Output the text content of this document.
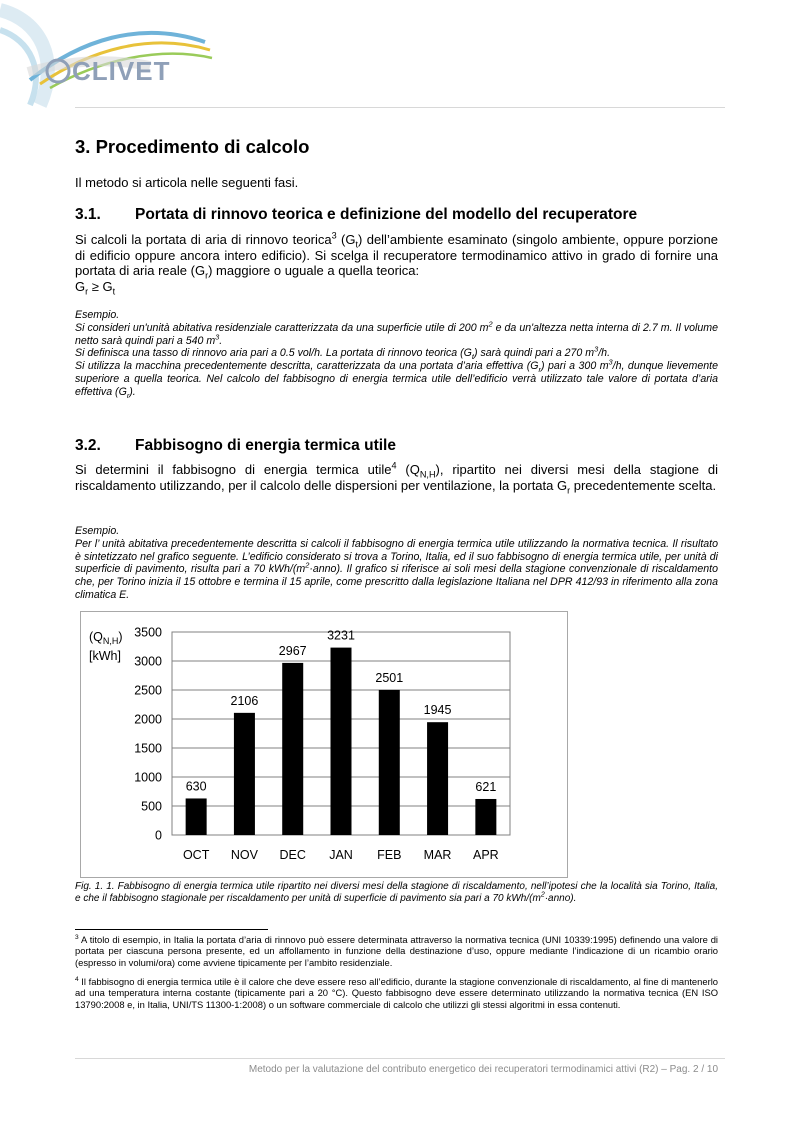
CLIVET
3. Procedimento di calcolo
Il metodo si articola nelle seguenti fasi.
3.1. Portata di rinnovo teorica e definizione del modello del recuperatore
Si calcoli la portata di aria di rinnovo teorica$^3$ $(G_t)$ dell’ambiente esaminato (singolo ambiente, oppure porzione di edificio oppure ancora intero edificio). Si scelga il recuperatore termodinamico attivo in grado di fornire una portata di aria reale $(G_r)$ maggiore o uguale a quella teorica:
$G_r \ge G_t$
Esempio.
Si consideri un'unità abitativa residenziale caratterizzata da una superficie utile di 200 $m^2$ e da un'altezza netta interna di 2.7 m. Il volume netto sarà quindi pari a 540 $m^3$.
Si definisca una tasso di rinnovo aria pari a 0.5 vol/h. La portata di rinnovo teorica $(G_t)$ sarà quindi pari a 270 $m^3/h$.
Si utilizza la macchina precedentemente descritta, caratterizzata da una portata d’aria effettiva $(G_r)$ pari a 300 $m^3/h$, dunque lievemente superiore a quella teorica. Nel calcolo del fabbisogno di energia termica utile dell’edificio verrà utilizzato tale valore di portata d’aria effettiva $(G_r)$.
3.2. Fabbisogno di energia termica utile
Si determini il fabbisogno di energia termica utile$^4$ $(Q_{N,H})$, ripartito nei diversi mesi della stagione di riscaldamento utilizzando, per il calcolo delle dispersioni per ventilazione, la portata $G_r$ precedentemente scelta.
Esempio.
Per l’ unità abitativa precedentemente descritta si calcoli il fabbisogno di energia termica utile utilizzando la normativa tecnica. Il risultato è sintetizzato nel grafico seguente. L’edificio considerato si trova a Torino, Italia, ed il suo fabbisogno di energia termica utile, per unità di superficie di pavimento, risulta pari a 70 kWh/$(m^2\cdot anno)$. Il grafico si riferisce ai soli mesi della stagione convenzionale di riscaldamento che, per Torino inizia il 15 ottobre e termina il 15 aprile, come prescritto dalla legislazione Italiana nel DPR 412/93 in riferimento alla zona climatica E.
0
500
1000
1500
2000
2500
3000
3500
630
2106
2967
3231
2501
1945
621
OCT NOV DEC JAN FEB MAR APR
$(Q_{N,H})$
[kWh]
Fig. 1. 1. Fabbisogno di energia termica utile ripartito nei diversi mesi della stagione di riscaldamento, nell’ipotesi che la località sia Torino, Italia, e che il fabbisogno stagionale per riscaldamento per unità di superficie di pavimento sia pari a 70 kWh/$(m^2\cdot anno)$.
$^3$ A titolo di esempio, in Italia la portata d’aria di rinnovo può essere determinata attraverso la normativa tecnica (UNI 10339:1995) definendo una valore di portata per ciascuna persona presente, ed un affollamento in funzione della destinazione d’uso, oppure mediante l’indicazione di un ricambio orario (espresso in volumi/ora) come avviene tipicamente per l’ambito residenziale.
$^4$ Il fabbisogno di energia termica utile è il calore che deve essere reso all’edificio, durante la stagione convenzionale di riscaldamento, al fine di mantenerlo ad una temperatura interna costante (tipicamente pari a 20 °C). Questo fabbisogno deve essere determinato utilizzando la normativa tecnica (EN ISO 13790:2008 e, in Italia, UNI/TS 11300-1:2008) o un software commerciale di calcolo che utilizzi gli stessi algoritmi in essa contenuti.
Metodo per la valutazione del contributo energetico dei recuperatori termodinamici attivi (R2) – Pag. 2 / 10
